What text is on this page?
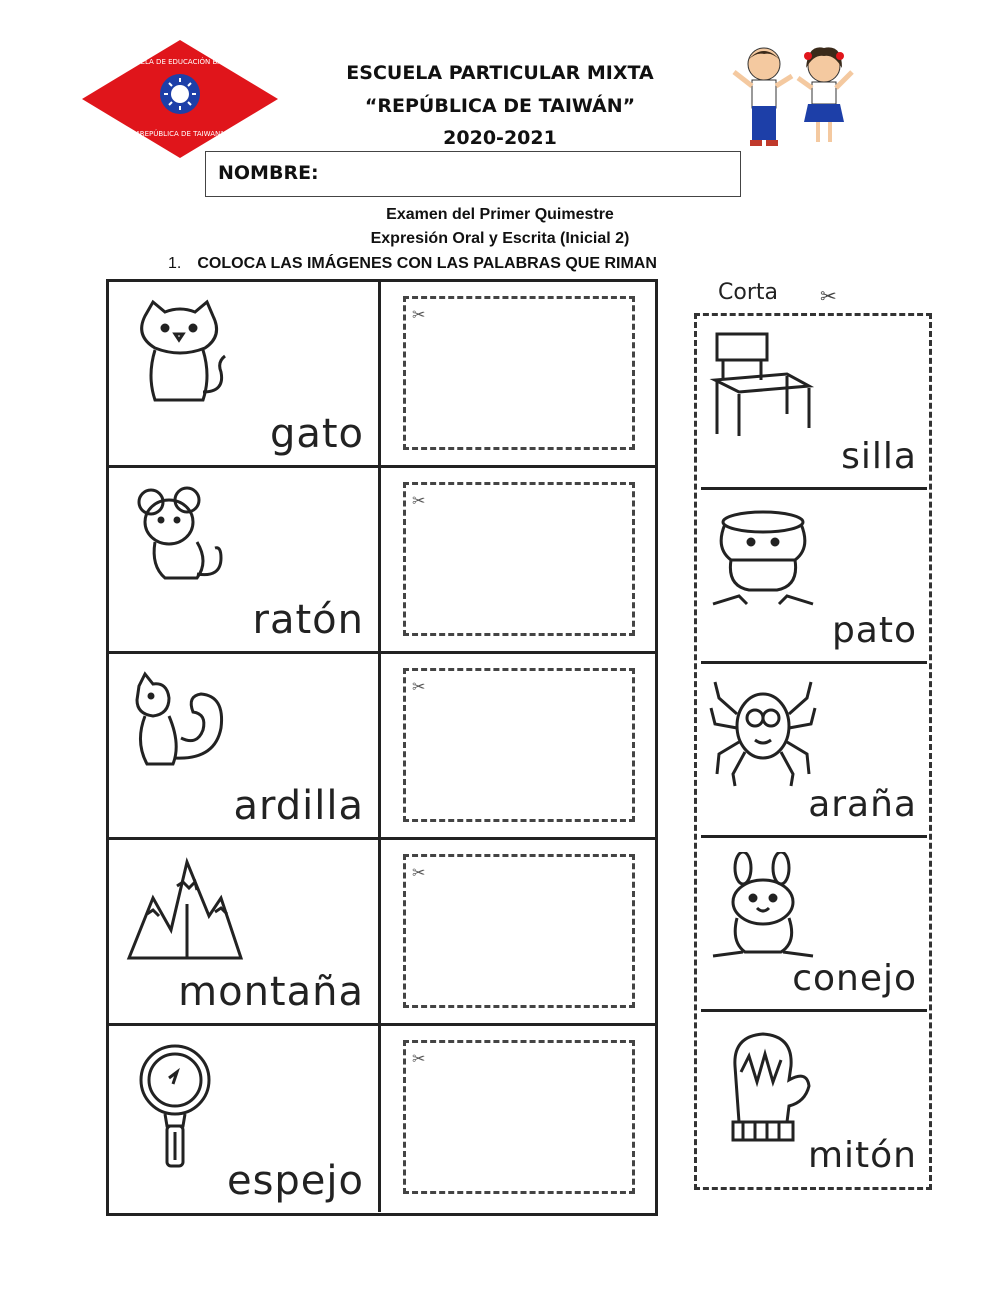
ESCUELA DE EDUCACIÓN BÁSICA
"REPÚBLICA DE TAIWAN"
ESCUELA PARTICULAR MIXTA
“REPÚBLICA DE TAIWÁN”
2020-2021
NOMBRE:
Examen del Primer Quimestre
Expresión Oral y Escrita (Inicial 2)
1. COLOCA LAS IMÁGENES CON LAS PALABRAS QUE RIMAN
gato
✂
ratón
✂
ardilla
✂
montaña
✂
espejo
✂
Corta ✂
silla
pato
araña
conejo
mitón
